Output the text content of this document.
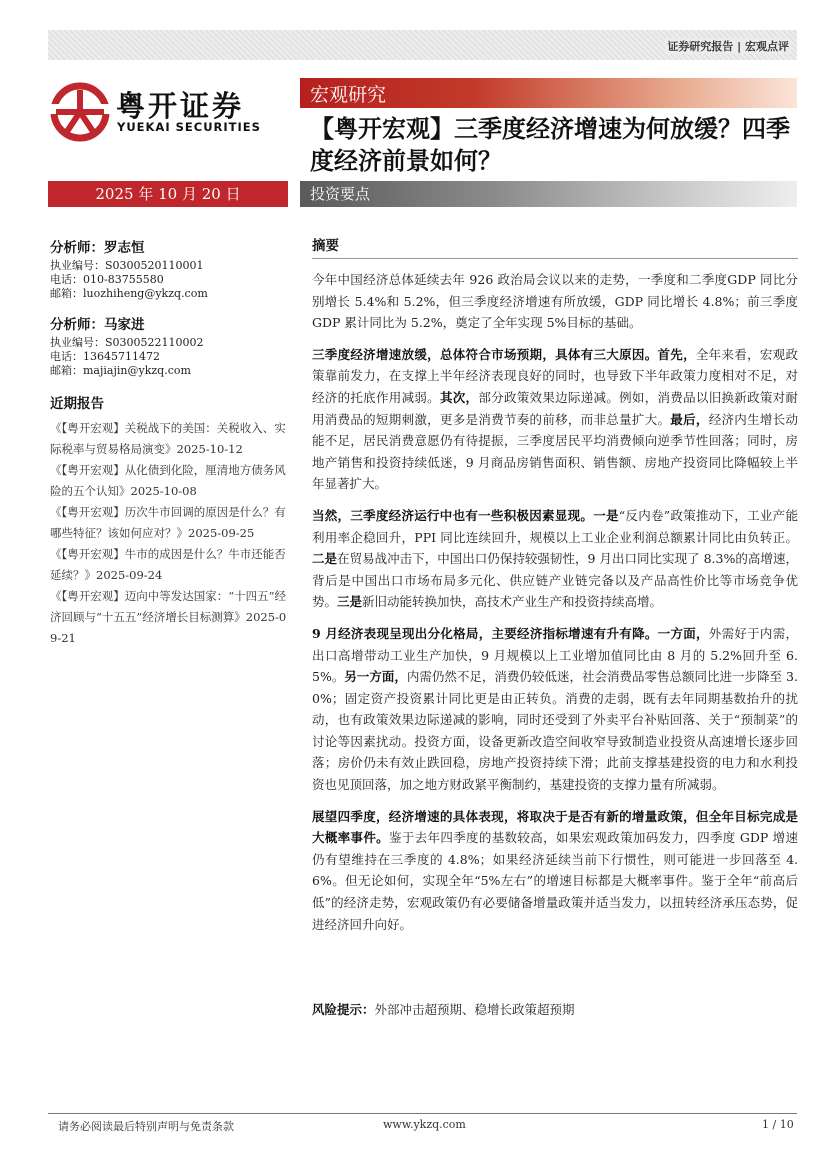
证券研究报告 | 宏观点评
粤开证券
YUEKAI SECURITIES
宏观研究
【粤开宏观】三季度经济增速为何放缓？四季度经济前景如何？
2025 年 10 月 20 日	投资要点
分析师：罗志恒
执业编号：S0300520110001
电话：010-83755580
邮箱：luozhiheng@ykzq.com
分析师：马家进
执业编号：S0300522110002
电话：13645711472
邮箱：majiajin@ykzq.com
近期报告
《【粤开宏观】关税战下的美国：关税收入、实际税率与贸易格局演变》2025-10-12
《【粤开宏观】从化债到化险，厘清地方债务风险的五个认知》2025-10-08
《【粤开宏观】历次牛市回调的原因是什么？有哪些特征？该如何应对？》2025-09-25
《【粤开宏观】牛市的成因是什么？牛市还能否延续？》2025-09-24
《【粤开宏观】迈向中等发达国家：“十四五”经济回顾与“十五五”经济增长目标测算》2025-09-21
摘要

今年中国经济总体延续去年 926 政治局会议以来的走势，一季度和二季度GDP 同比分别增长 5.4%和 5.2%，但三季度经济增速有所放缓，GDP 同比增长 4.8%；前三季度 GDP 累计同比为 5.2%，奠定了全年实现 5%目标的基础。

三季度经济增速放缓，总体符合市场预期，具体有三大原因。首先，全年来看，宏观政策靠前发力，在支撑上半年经济表现良好的同时，也导致下半年政策力度相对不足，对经济的托底作用减弱。其次，部分政策效果边际递减。例如，消费品以旧换新政策对耐用消费品的短期刺激，更多是消费节奏的前移，而非总量扩大。最后，经济内生增长动能不足，居民消费意愿仍有待提振，三季度居民平均消费倾向逆季节性回落；同时，房地产销售和投资持续低迷，9 月商品房销售面积、销售额、房地产投资同比降幅较上半年显著扩大。

当然，三季度经济运行中也有一些积极因素显现。一是“反内卷”政策推动下，工业产能利用率企稳回升，PPI 同比连续回升，规模以上工业企业利润总额累计同比由负转正。二是在贸易战冲击下，中国出口仍保持较强韧性，9 月出口同比实现了 8.3%的高增速，背后是中国出口市场布局多元化、供应链产业链完备以及产品高性价比等市场竞争优势。三是新旧动能转换加快，高技术产业生产和投资持续高增。

9 月经济表现呈现出分化格局，主要经济指标增速有升有降。一方面，外需好于内需，出口高增带动工业生产加快，9 月规模以上工业增加值同比由 8 月的 5.2%回升至 6.5%。另一方面，内需仍然不足，消费仍较低迷，社会消费品零售总额同比进一步降至 3.0%；固定资产投资累计同比更是由正转负。消费的走弱，既有去年同期基数抬升的扰动，也有政策效果边际递减的影响，同时还受到了外卖平台补贴回落、关于“预制菜”的讨论等因素扰动。投资方面，设备更新改造空间收窄导致制造业投资从高速增长逐步回落；房价仍未有效止跌回稳，房地产投资持续下滑；此前支撑基建投资的电力和水利投资也见顶回落，加之地方财政紧平衡制约，基建投资的支撑力量有所减弱。

展望四季度，经济增速的具体表现，将取决于是否有新的增量政策，但全年目标完成是大概率事件。鉴于去年四季度的基数较高，如果宏观政策加码发力，四季度 GDP 增速仍有望维持在三季度的 4.8%；如果经济延续当前下行惯性，则可能进一步回落至 4.6%。但无论如何，实现全年“5%左右”的增速目标都是大概率事件。鉴于全年“前高后低”的经济走势，宏观政策仍有必要储备增量政策并适当发力，以扭转经济承压态势，促进经济回升向好。

风险提示：外部冲击超预期、稳增长政策超预期
请务必阅读最后特别声明与免责条款	www.ykzq.com	1 / 10
